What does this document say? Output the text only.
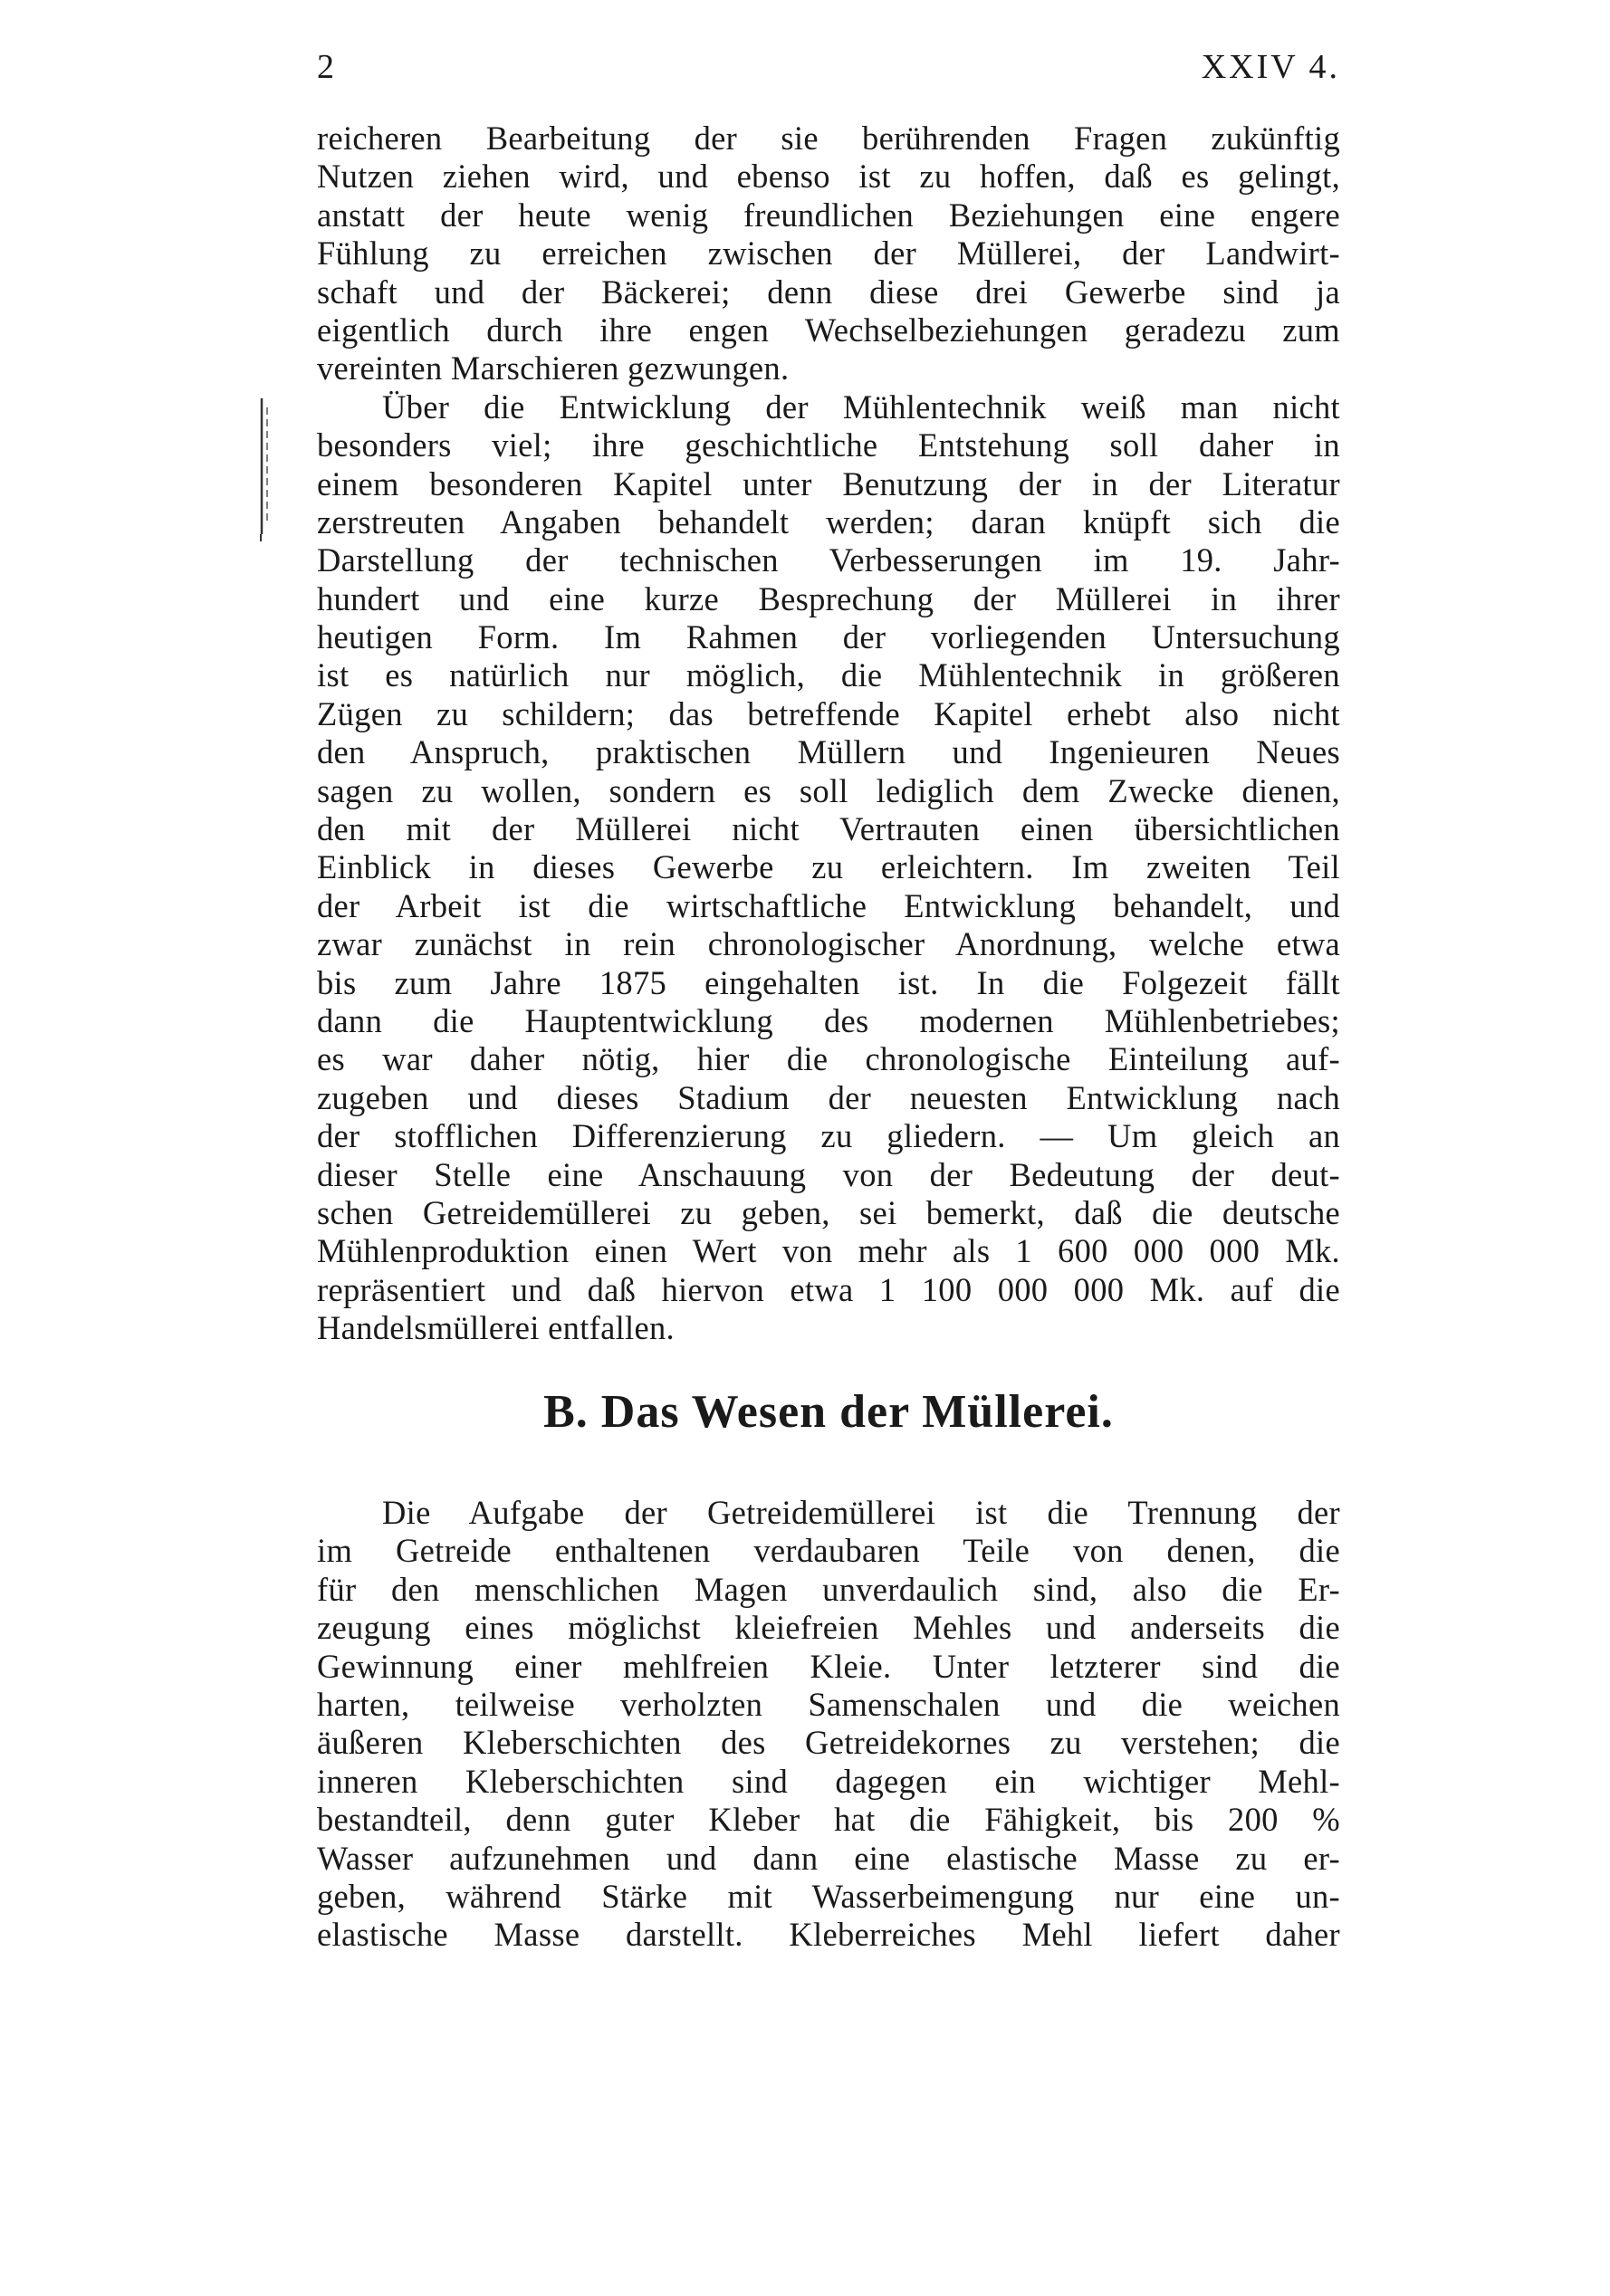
2	XXIV 4.
reicheren Bearbeitung der sie berührenden Fragen zukünftig
Nutzen ziehen wird, und ebenso ist zu hoffen, daß es gelingt,
anstatt der heute wenig freundlichen Beziehungen eine engere
Fühlung zu erreichen zwischen der Müllerei, der Landwirt-
schaft und der Bäckerei; denn diese drei Gewerbe sind ja
eigentlich durch ihre engen Wechselbeziehungen geradezu zum
vereinten Marschieren gezwungen.
Über die Entwicklung der Mühlentechnik weiß man nicht
besonders viel; ihre geschichtliche Entstehung soll daher in
einem besonderen Kapitel unter Benutzung der in der Literatur
zerstreuten Angaben behandelt werden; daran knüpft sich die
Darstellung der technischen Verbesserungen im 19. Jahr-
hundert und eine kurze Besprechung der Müllerei in ihrer
heutigen Form. Im Rahmen der vorliegenden Untersuchung
ist es natürlich nur möglich, die Mühlentechnik in größeren
Zügen zu schildern; das betreffende Kapitel erhebt also nicht
den Anspruch, praktischen Müllern und Ingenieuren Neues
sagen zu wollen, sondern es soll lediglich dem Zwecke dienen,
den mit der Müllerei nicht Vertrauten einen übersichtlichen
Einblick in dieses Gewerbe zu erleichtern. Im zweiten Teil
der Arbeit ist die wirtschaftliche Entwicklung behandelt, und
zwar zunächst in rein chronologischer Anordnung, welche etwa
bis zum Jahre 1875 eingehalten ist. In die Folgezeit fällt
dann die Hauptentwicklung des modernen Mühlenbetriebes;
es war daher nötig, hier die chronologische Einteilung auf-
zugeben und dieses Stadium der neuesten Entwicklung nach
der stofflichen Differenzierung zu gliedern. — Um gleich an
dieser Stelle eine Anschauung von der Bedeutung der deut-
schen Getreidemüllerei zu geben, sei bemerkt, daß die deutsche
Mühlenproduktion einen Wert von mehr als 1 600 000 000 Mk.
repräsentiert und daß hiervon etwa 1 100 000 000 Mk. auf die
Handelsmüllerei entfallen.
B. Das Wesen der Müllerei.
Die Aufgabe der Getreidemüllerei ist die Trennung der
im Getreide enthaltenen verdaubaren Teile von denen, die
für den menschlichen Magen unverdaulich sind, also die Er-
zeugung eines möglichst kleiefreien Mehles und anderseits die
Gewinnung einer mehlfreien Kleie. Unter letzterer sind die
harten, teilweise verholzten Samenschalen und die weichen
äußeren Kleberschichten des Getreidekornes zu verstehen; die
inneren Kleberschichten sind dagegen ein wichtiger Mehl-
bestandteil, denn guter Kleber hat die Fähigkeit, bis 200 %
Wasser aufzunehmen und dann eine elastische Masse zu er-
geben, während Stärke mit Wasserbeimengung nur eine un-
elastische Masse darstellt. Kleberreiches Mehl liefert daher
